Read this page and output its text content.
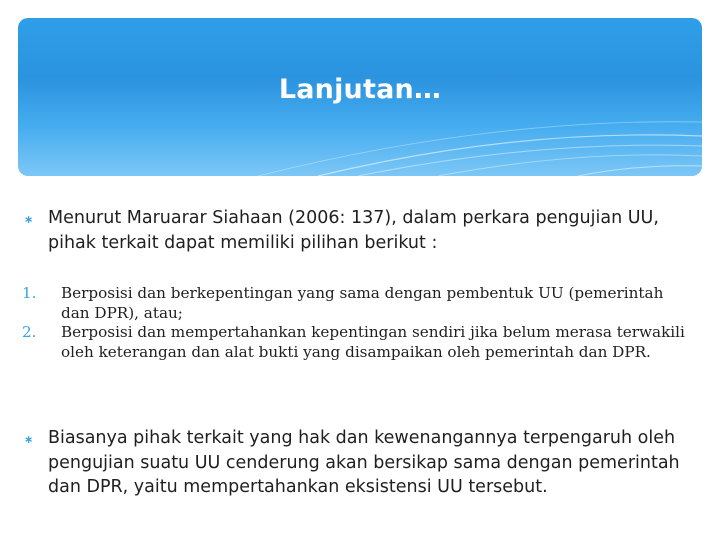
Lanjutan…
∗ Menurut Maruarar Siahaan (2006: 137), dalam perkara pengujian UU, pihak terkait dapat memiliki pilihan berikut :
1.	Berposisi dan berkepentingan yang sama dengan pembentuk UU (pemerintah dan DPR), atau;
2.	Berposisi dan mempertahankan kepentingan sendiri jika belum merasa terwakili oleh keterangan dan alat bukti yang disampaikan oleh pemerintah dan DPR.
∗ Biasanya pihak terkait yang hak dan kewenangannya terpengaruh oleh pengujian suatu UU cenderung akan bersikap sama dengan pemerintah dan DPR, yaitu mempertahankan eksistensi UU tersebut.
